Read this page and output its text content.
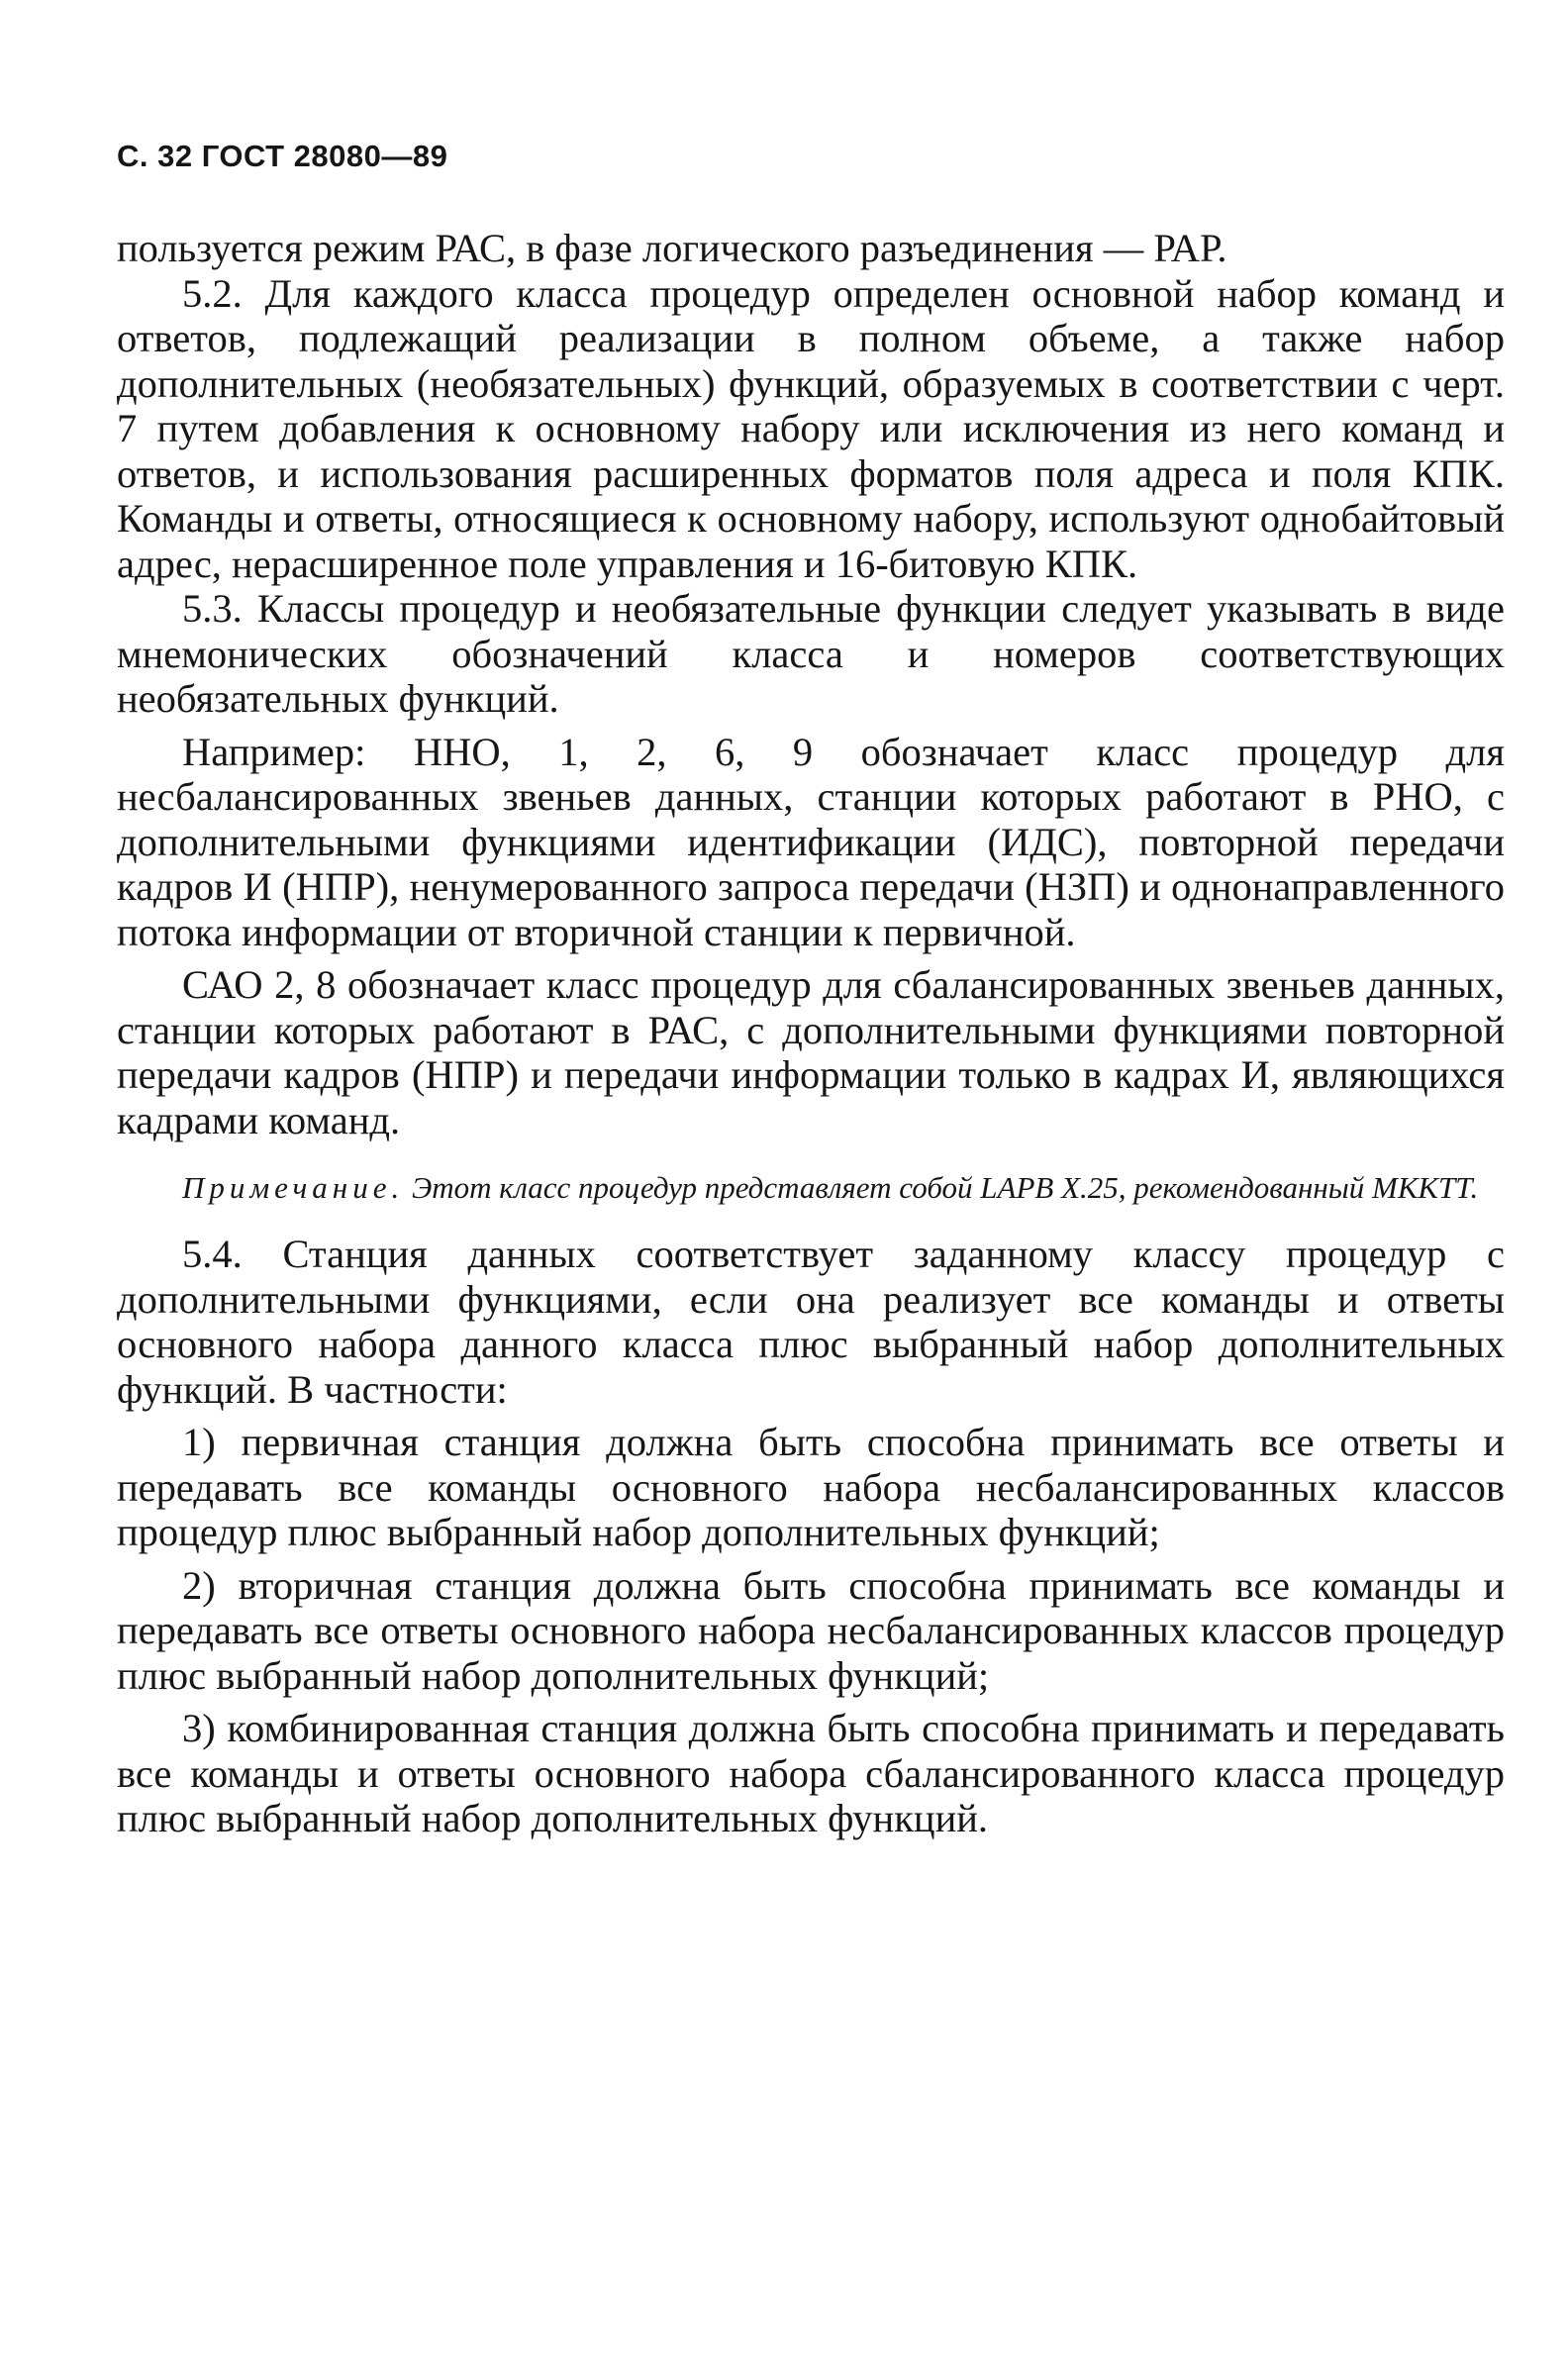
С. 32 ГОСТ 28080—89

пользуется режим РАС, в фазе логического разъединения — РАР.

5.2. Для каждого класса процедур определен основной набор команд и ответов, подлежащий реализации в полном объеме, а также набор дополнительных (необязательных) функций, образуемых в соответствии с черт. 7 путем добавления к основному набору или исключения из него команд и ответов, и использования расширенных форматов поля адреса и поля КПК. Команды и ответы, относящиеся к основному набору, используют однобайтовый адрес, нерасширенное поле управления и 16-битовую КПК.

5.3. Классы процедур и необязательные функции следует указывать в виде мнемонических обозначений класса и номеров соответствующих необязательных функций.

Например: НHО, 1, 2, 6, 9 обозначает класс процедур для несбалансированных звеньев данных, станции которых работают в РНО, с дополнительными функциями идентификации (ИДС), повторной передачи кадров И (НПР), ненумерованного запроса передачи (НЗП) и однонаправленного потока информации от вторичной станции к первичной.

САО 2, 8 обозначает класс процедур для сбалансированных звеньев данных, станции которых работают в РАС, с дополнительными функциями повторной передачи кадров (НПР) и передачи информации только в кадрах И, являющихся кадрами команд.

Примечание. Этот класс процедур представляет собой LAPB X.25, рекомендованный МККТТ.

5.4. Станция данных соответствует заданному классу процедур с дополнительными функциями, если она реализует все команды и ответы основного набора данного класса плюс выбранный набор дополнительных функций. В частности:

1) первичная станция должна быть способна принимать все ответы и передавать все команды основного набора несбалансированных классов процедур плюс выбранный набор дополнительных функций;

2) вторичная станция должна быть способна принимать все команды и передавать все ответы основного набора несбалансированных классов процедур плюс выбранный набор дополнительных функций;

3) комбинированная станция должна быть способна принимать и передавать все команды и ответы основного набора сбалансированного класса процедур плюс выбранный набор дополнительных функций.
